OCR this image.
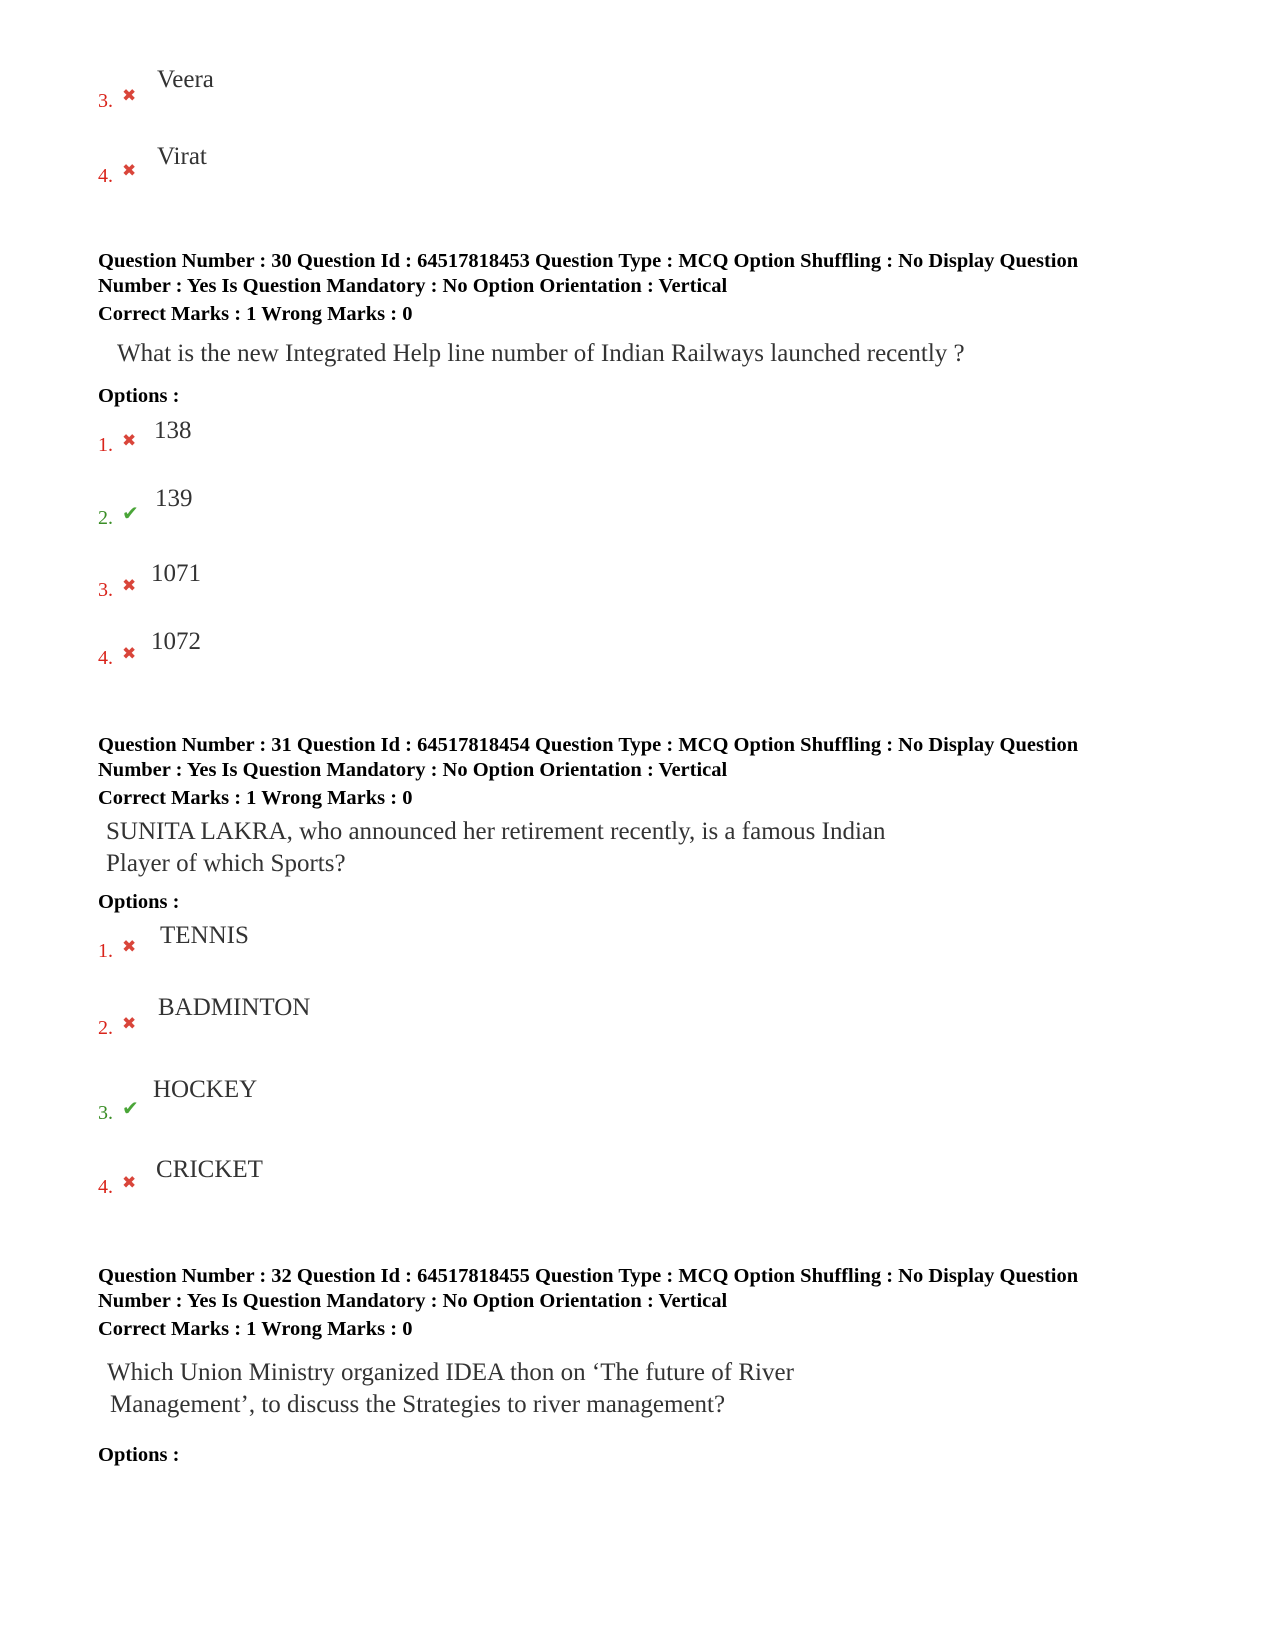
3. ✖
Veera
4. ✖
Virat
Question Number : 30 Question Id : 64517818453 Question Type : MCQ Option Shuffling : No Display Question
Number : Yes Is Question Mandatory : No Option Orientation : Vertical
Correct Marks : 1 Wrong Marks : 0
What is the new Integrated Help line number of Indian Railways launched recently ?
Options :
1. ✖ 138
2. ✔
139
3. ✖ 1071
4. ✖ 1072
Question Number : 31 Question Id : 64517818454 Question Type : MCQ Option Shuffling : No Display Question
Number : Yes Is Question Mandatory : No Option Orientation : Vertical
Correct Marks : 1 Wrong Marks : 0
SUNITA LAKRA, who announced her retirement recently, is a famous Indian
Player of which Sports?
Options :
1. ✖ TENNIS
2. ✖
BADMINTON
3. ✔
HOCKEY
4. ✖ CRICKET
Question Number : 32 Question Id : 64517818455 Question Type : MCQ Option Shuffling : No Display Question
Number : Yes Is Question Mandatory : No Option Orientation : Vertical
Correct Marks : 1 Wrong Marks : 0
Which Union Ministry organized IDEA thon on ‘The future of River
Management’, to discuss the Strategies to river management?
Options :
